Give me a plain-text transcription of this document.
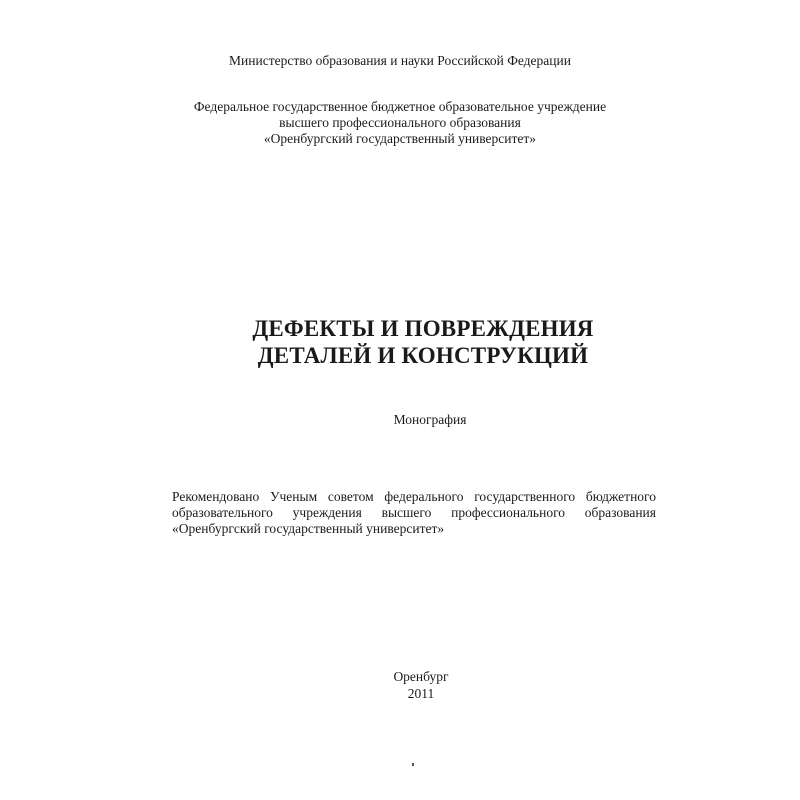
Министерство образования и науки Российской Федерации
Федеральное государственное бюджетное образовательное учреждение
высшего профессионального образования
«Оренбургский государственный университет»
ДЕФЕКТЫ И ПОВРЕЖДЕНИЯ
ДЕТАЛЕЙ И КОНСТРУКЦИЙ
Монография
Рекомендовано Ученым советом федерального государственного бюджетного
образовательного учреждения высшего профессионального образования
«Оренбургский государственный университет»
Оренбург
2011
